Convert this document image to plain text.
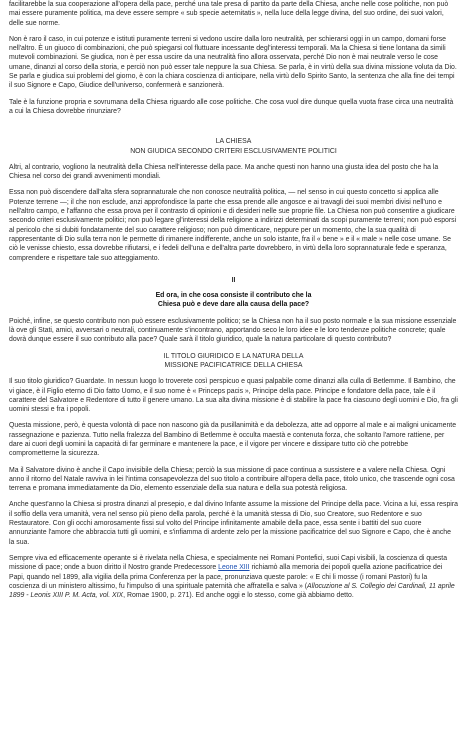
facilitarebbe la sua cooperazione all'opera della pace, perché una tale presa di partito da parte della Chiesa, anche nelle cose politiche, non può mai essere puramente politica, ma deve essere sempre « sub specie aeternitatis », nella luce della legge divina, del suo ordine, dei suoi valori, delle sue norme.

Non è raro il caso, in cui potenze e istituti puramente terreni si vedono uscire dalla loro neutralità, per schierarsi oggi in un campo, domani forse nell'altro. È un giuoco di combinazioni, che può spiegarsi col fluttuare incessante degl'interessi temporali. Ma la Chiesa si tiene lontana da simili mutevoli combinazioni. Se giudica, non è per essa uscire da una neutralità fino allora osservata, perché Dio non è mai neutrale verso le cose umane, dinanzi al corso della storia, e perciò non può esser tale neppure la sua Chiesa. Se parla, è in virtù della sua divina missione voluta da Dio. Se parla e giudica sui problemi del giorno, è con la chiara coscienza di anticipare, nella virtù dello Spirito Santo, la sentenza che alla fine dei tempi il suo Signore e Capo, Giudice dell'universo, confermerà e sanzionerà.

Tale è la funzione propria e sovrumana della Chiesa riguardo alle cose politiche. Che cosa vuol dire dunque quella vuota frase circa una neutralità a cui la Chiesa dovrebbe rinunziare?

LA CHIESA
NON GIUDICA SECONDO CRITERI ESCLUSIVAMENTE POLITICI

Altri, al contrario, vogliono la neutralità della Chiesa nell'interesse della pace. Ma anche questi non hanno una giusta idea del posto che ha la Chiesa nel corso dei grandi avvenimenti mondiali.

Essa non può discendere dall'alta sfera soprannaturale che non conosce neutralità politica, — nel senso in cui questo concetto si applica alle Potenze terrene —; il che non esclude, anzi approfondisce la parte che essa prende alle angosce e ai travagli dei suoi membri divisi nell'uno e nell'altro campo, e l'affanno che essa prova per il contrasto di opinioni e di desideri nelle sue proprie file. La Chiesa non può consentire a giudicare secondo criteri esclusivamente politici; non può legare gl'interessi della religione a indirizzi determinati da scopi puramente terreni; non può esporsi al pericolo che si dubiti fondatamente del suo carattere religioso; non può dimenticare, neppure per un momento, che la sua qualità di rappresentante di Dio sulla terra non le permette di rimanere indifferente, anche un solo istante, fra il « bene » e il « male » nelle cose umane. Se ciò le venisse chiesto, essa dovrebbe rifiutarsi, e i fedeli dell'una e dell'altra parte dovrebbero, in virtù della loro soprannaturale fede e speranza, comprendere e rispettare tale suo atteggiamento.

II
Ed ora, in che cosa consiste il contributo che la
Chiesa può e deve dare alla causa della pace?

Poiché, infine, se questo contributo non può essere esclusivamente politico; se la Chiesa non ha il suo posto normale e la sua missione essenziale là ove gli Stati, amici, avversari o neutrali, continuamente s'incontrano, apportando seco le loro idee e le loro tendenze politiche concrete; quale dovrà dunque essere il suo contributo alla pace? Quale sarà il titolo giuridico, quale la natura particolare di questo contributo?

IL TITOLO GIURIDICO E LA NATURA DELLA
MISSIONE PACIFICATRICE DELLA CHIESA

Il suo titolo giuridico? Guardate. In nessun luogo lo troverete così perspicuo e quasi palpabile come dinanzi alla culla di Betlemme. Il Bambino, che vi giace, è il Figlio eterno di Dio fatto Uomo, e il suo nome è « Princeps pacis », Principe della pace. Principe e fondatore della pace, tale è il carattere del Salvatore e Redentore di tutto il genere umano. La sua alta divina missione è di stabilire la pace fra ciascuno degli uomini e Dio, fra gli uomini stessi e fra i popoli.

Questa missione, però, è questa volontà di pace non nascono già da pusillanimità e da debolezza, atte ad opporre al male e ai maligni unicamente rassegnazione e pazienza. Tutto nella fralezza del Bambino di Betlemme è occulta maestà e contenuta forza, che soltanto l'amore rattiene, per dare ai cuori degli uomini la capacità di far germinare e mantenere la pace, e il vigore per vincere e dissipare tutto ciò che potrebbe comprometterne la sicurezza.

Ma il Salvatore divino è anche il Capo invisibile della Chiesa; perciò la sua missione di pace continua a sussistere e a valere nella Chiesa. Ogni anno il ritorno del Natale ravviva in lei l'intima consapevolezza del suo titolo a contribuire all'opera della pace, titolo unico, che trascende ogni cosa terrena e promana immediatamente da Dio, elemento essenziale della sua natura e della sua potestà religiosa.

Anche quest'anno la Chiesa si prostra dinanzi al presepio, e dal divino Infante assume la missione del Principe della pace. Vicina a lui, essa respira il soffio della vera umanità, vera nel senso più pieno della parola, perché è la umanità stessa di Dio, suo Creatore, suo Redentore e suo Restauratore. Con gli occhi amorosamente fissi sul volto del Principe infinitamente amabile della pace, essa sente i battiti del suo cuore annunziante l'amore che abbraccia tutti gli uomini, e s'infiamma di ardente zelo per la missione pacificatrice del suo Signore e Capo, che è anche la sua.

Sempre viva ed efficacemente operante si è rivelata nella Chiesa, e specialmente nei Romani Pontefici, suoi Capi visibili, la coscienza di questa missione di pace; onde a buon diritto il Nostro grande Predecessore Leone XIII richiamò alla memoria dei popoli quella azione pacificatrice dei Papi, quando nel 1899, alla vigilia della prima Conferenza per la pace, pronunziava queste parole: « E chi li mosse (i romani Pastori) fu la coscienza di un ministero altissimo, fu l'impulso di una spirituale paternità che affratella e salva » (Allocuzione al S. Collegio dei Cardinali, 11 aprile 1899 - Leonis XIII P. M. Acta, vol. XIX, Romae 1900, p. 271). Ed anche oggi e lo stesso, come già abbiamo detto.
